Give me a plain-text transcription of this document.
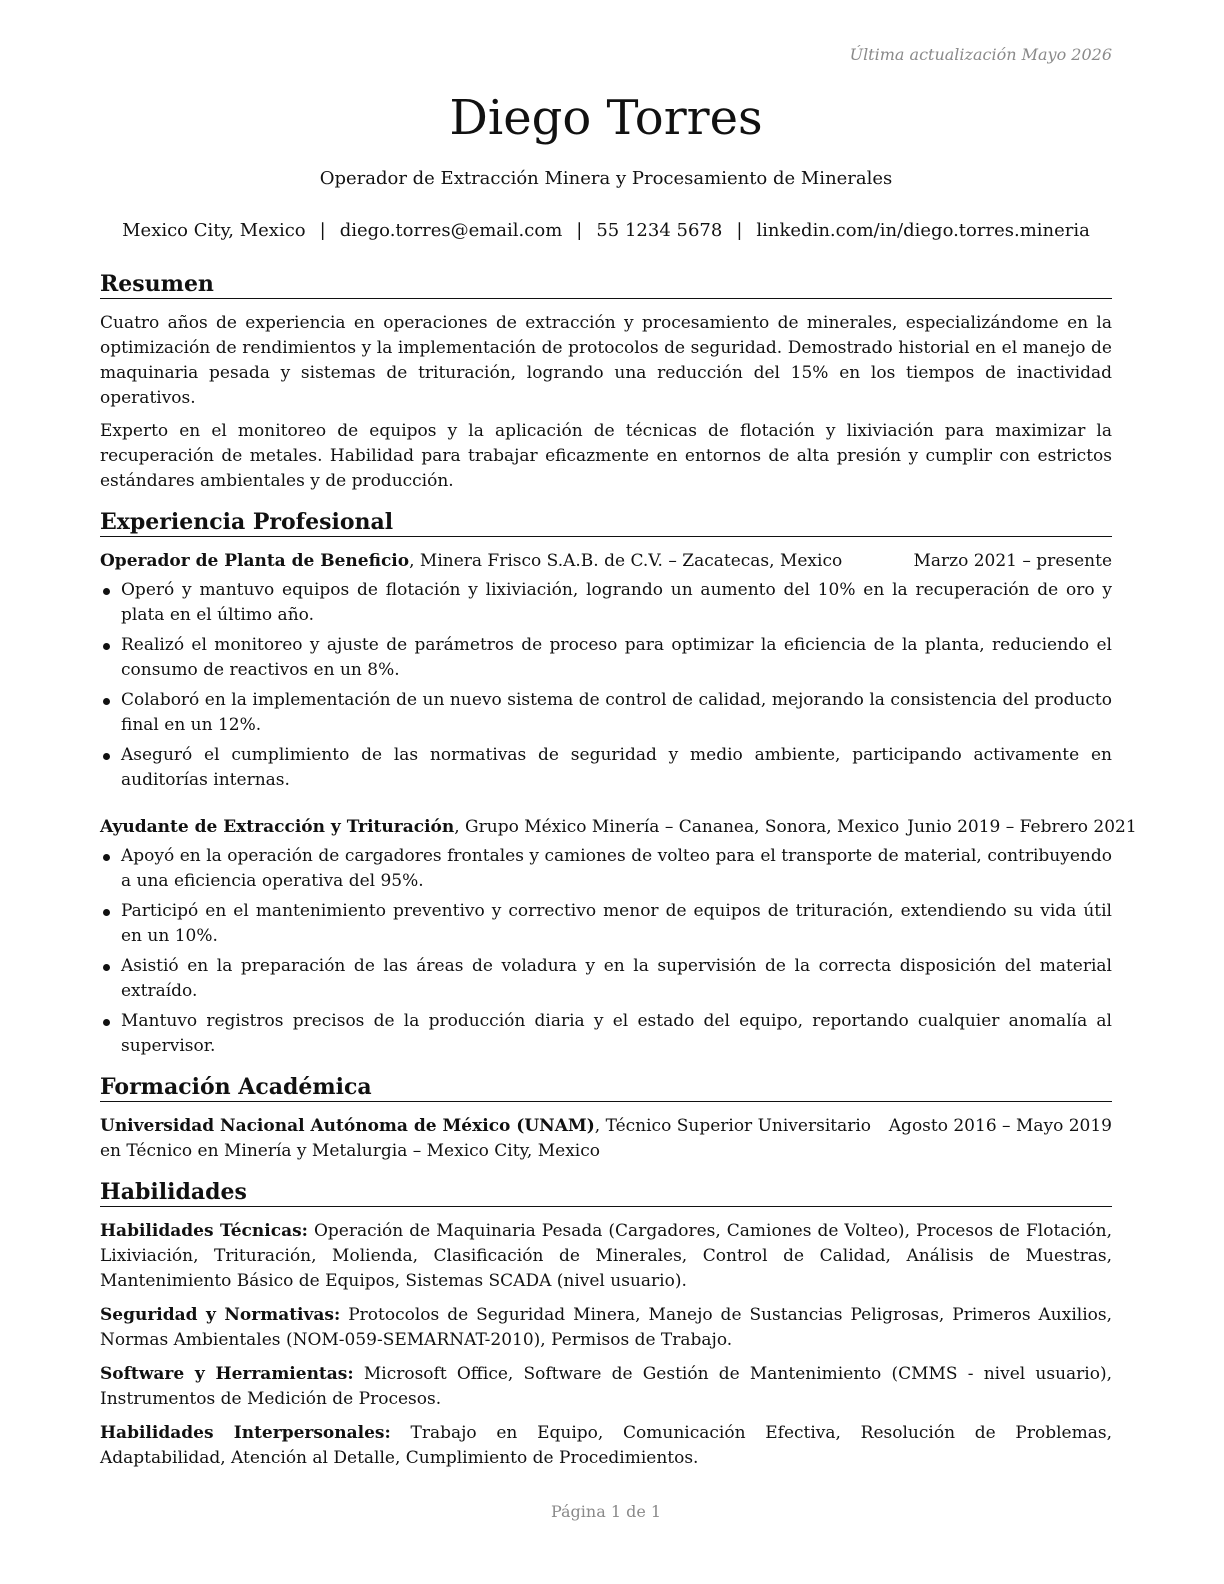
Última actualización Mayo 2026
Diego Torres
Operador de Extracción Minera y Procesamiento de Minerales
Mexico City, Mexico | diego.torres@email.com | 55 1234 5678 | linkedin.com/in/diego.torres.mineria
Resumen

Cuatro años de experiencia en operaciones de extracción y procesamiento de minerales, especializándome en la optimización de rendimientos y la implementación de protocolos de seguridad. Demostrado historial en el manejo de maquinaria pesada y sistemas de trituración, logrando una reducción del 15% en los tiempos de inactividad operativos.

Experto en el monitoreo de equipos y la aplicación de técnicas de flotación y lixiviación para maximizar la recuperación de metales. Habilidad para trabajar eficazmente en entornos de alta presión y cumplir con estrictos estándares ambientales y de producción.

Experiencia Profesional
Operador de Planta de Beneficio, Minera Frisco S.A.B. de C.V. – Zacatecas, Mexico	Marzo 2021 – presente
Operó y mantuvo equipos de flotación y lixiviación, logrando un aumento del 10% en la recuperación de oro y plata en el último año.
Realizó el monitoreo y ajuste de parámetros de proceso para optimizar la eficiencia de la planta, reduciendo el consumo de reactivos en un 8%.
Colaboró en la implementación de un nuevo sistema de control de calidad, mejorando la consistencia del producto final en un 12%.
Aseguró el cumplimiento de las normativas de seguridad y medio ambiente, participando activamente en auditorías internas.
Ayudante de Extracción y Trituración, Grupo México Minería – Cananea, Sonora, Mexico Junio 2019 – Febrero 2021
Apoyó en la operación de cargadores frontales y camiones de volteo para el transporte de material, contribuyendo a una eficiencia operativa del 95%.
Participó en el mantenimiento preventivo y correctivo menor de equipos de trituración, extendiendo su vida útil en un 10%.
Asistió en la preparación de las áreas de voladura y en la supervisión de la correcta disposición del material extraído.
Mantuvo registros precisos de la producción diaria y el estado del equipo, reportando cualquier anomalía al supervisor.
Formación Académica
Universidad Nacional Autónoma de México (UNAM), Técnico Superior Universitario en Técnico en Minería y Metalurgia – Mexico City, Mexico
Agosto 2016 – Mayo 2019
Habilidades

Habilidades Técnicas: Operación de Maquinaria Pesada (Cargadores, Camiones de Volteo), Procesos de Flotación, Lixiviación, Trituración, Molienda, Clasificación de Minerales, Control de Calidad, Análisis de Muestras, Mantenimiento Básico de Equipos, Sistemas SCADA (nivel usuario).

Seguridad y Normativas: Protocolos de Seguridad Minera, Manejo de Sustancias Peligrosas, Primeros Auxilios, Normas Ambientales (NOM-059-SEMARNAT-2010), Permisos de Trabajo.

Software y Herramientas: Microsoft Office, Software de Gestión de Mantenimiento (CMMS - nivel usuario), Instrumentos de Medición de Procesos.

Habilidades Interpersonales: Trabajo en Equipo, Comunicación Efectiva, Resolución de Problemas, Adaptabilidad, Atención al Detalle, Cumplimiento de Procedimientos.

Página 1 de 1
